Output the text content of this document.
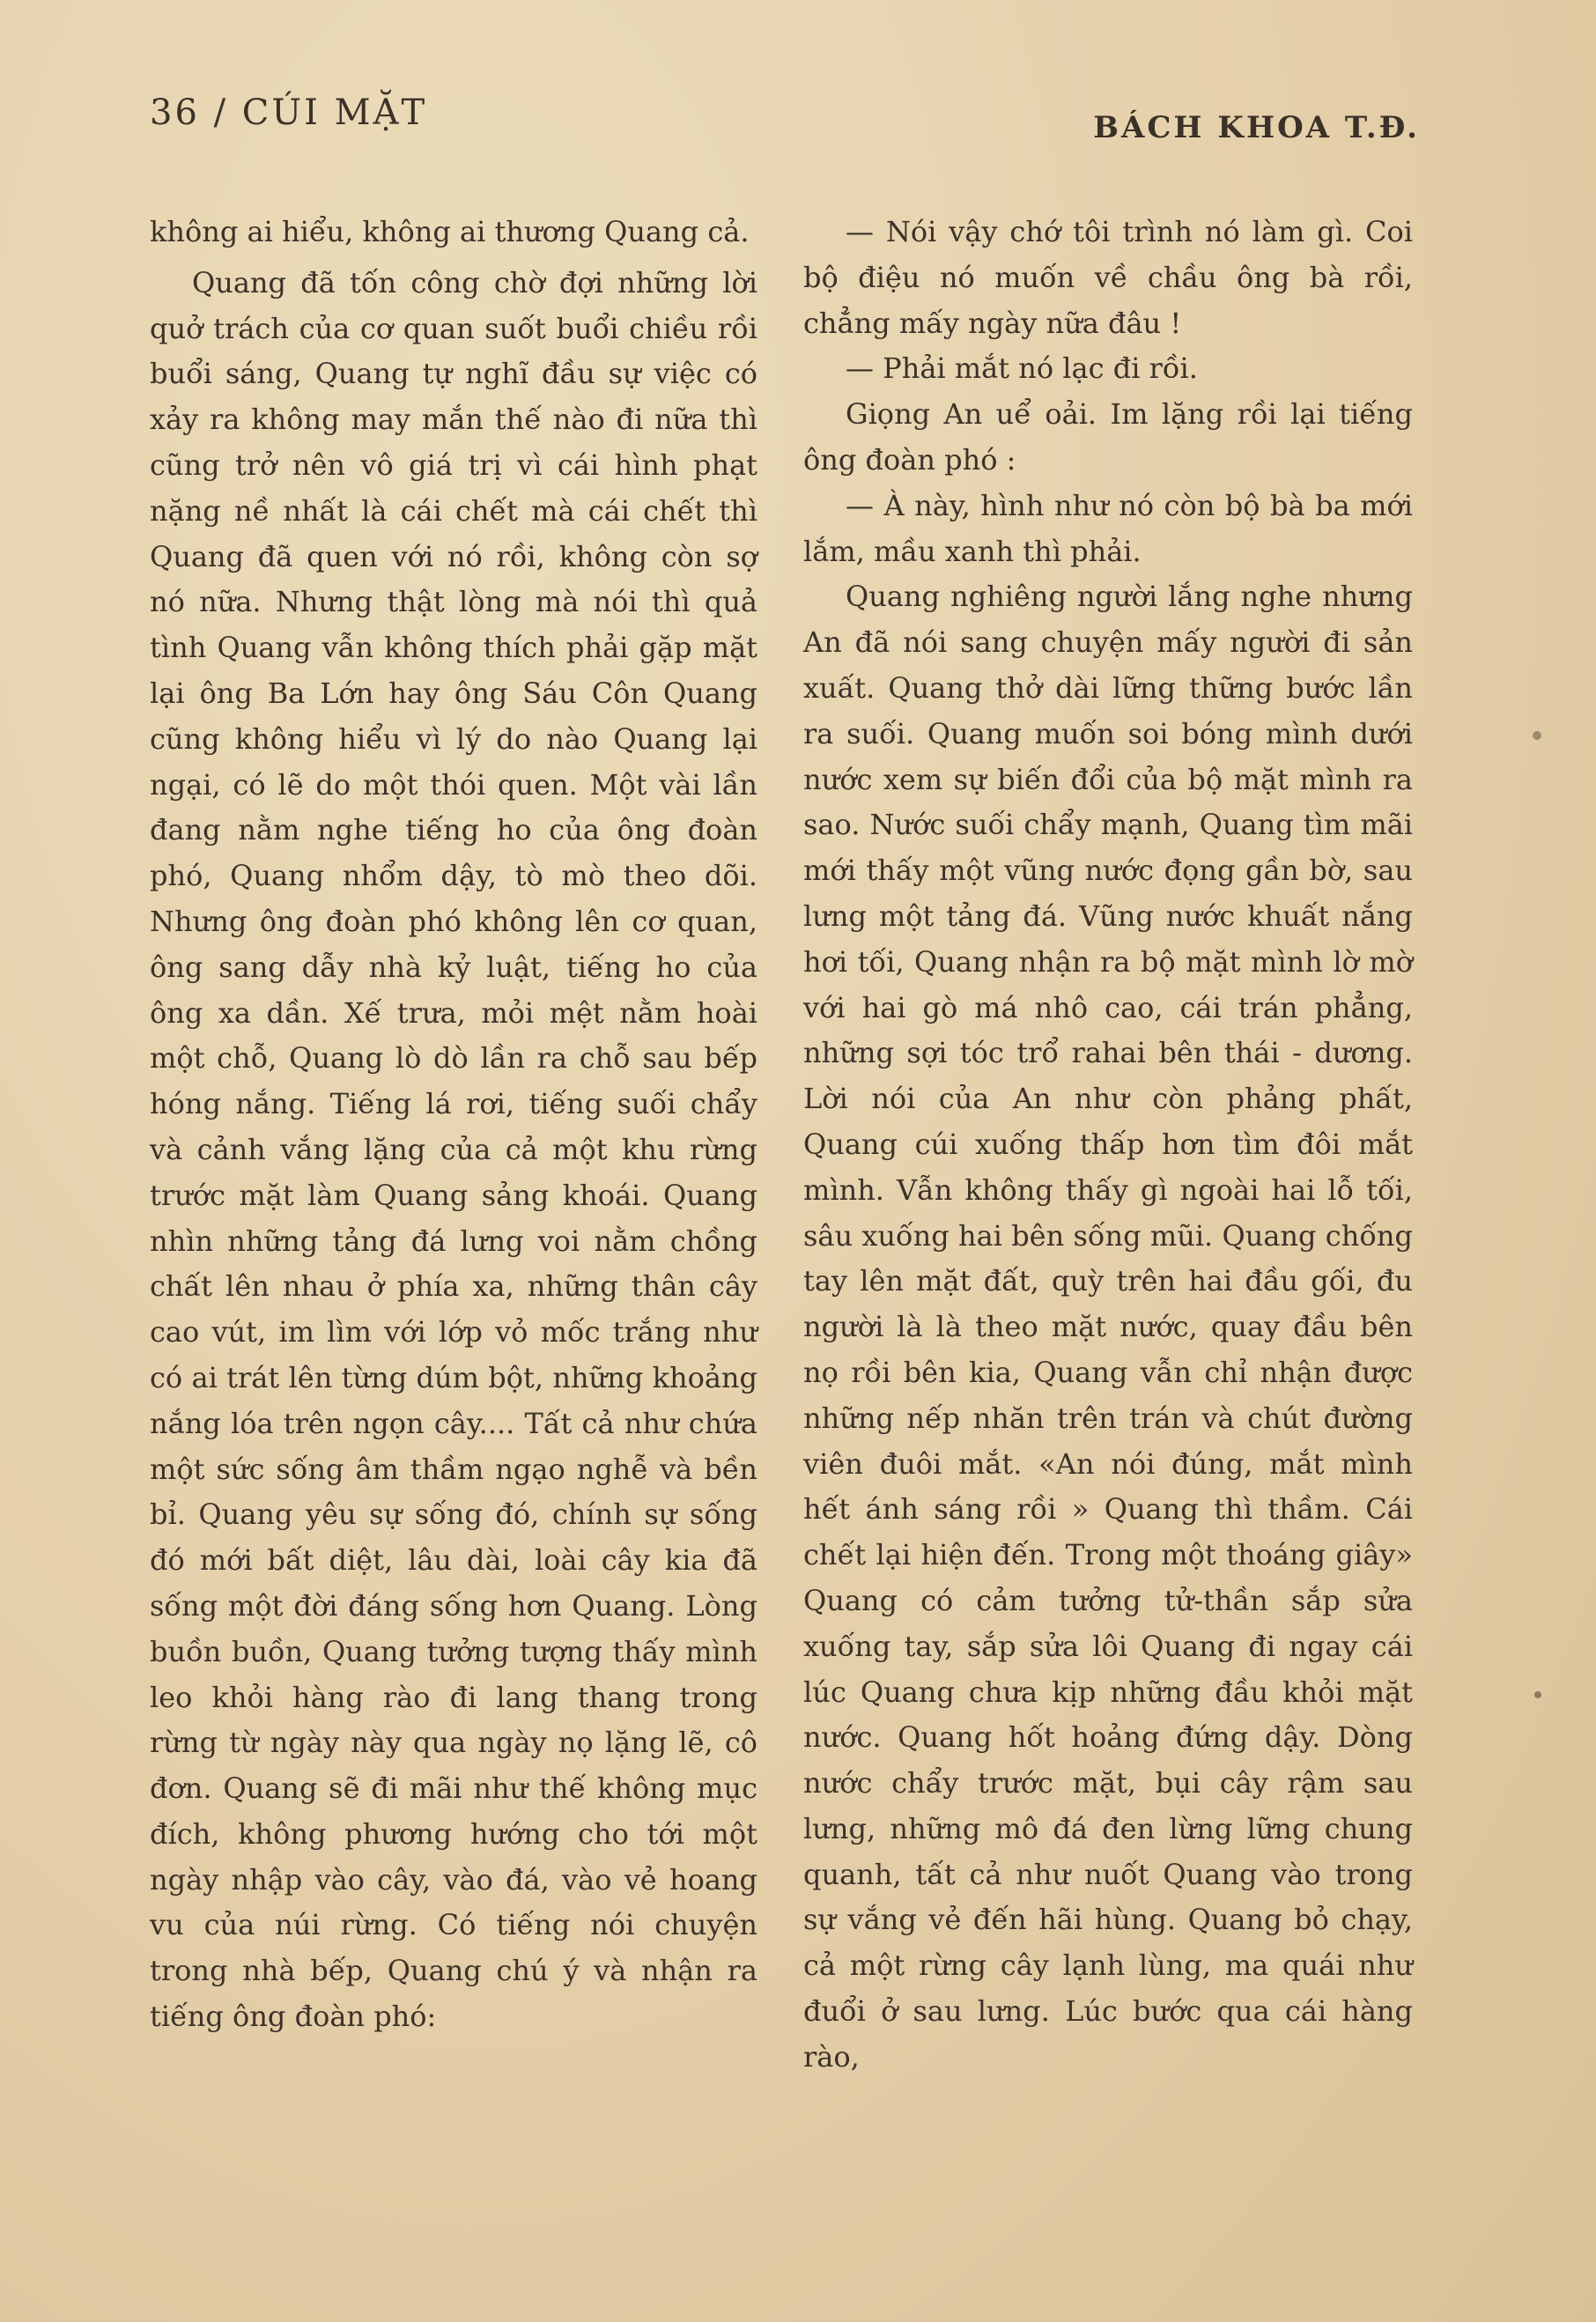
36 / CÚI MẶT	BÁCH KHOA T.Đ.

không ai hiểu, không ai thương Quang cả.

Quang đã tốn công chờ đợi những lời quở trách của cơ quan suốt buổi chiều rồi buổi sáng, Quang tự nghĩ đầu sự việc có xảy ra không may mắn thế nào đi nữa thì cũng trở nên vô giá trị vì cái hình phạt nặng nề nhất là cái chết mà cái chết thì Quang đã quen với nó rồi, không còn sợ nó nữa. Nhưng thật lòng mà nói thì quả tình Quang vẫn không thích phải gặp mặt lại ông Ba Lớn hay ông Sáu Côn Quang cũng không hiểu vì lý do nào Quang lại ngại, có lẽ do một thói quen. Một vài lần đang nằm nghe tiếng ho của ông đoàn phó, Quang nhổm dậy, tò mò theo dõi. Nhưng ông đoàn phó không lên cơ quan, ông sang dẫy nhà kỷ luật, tiếng ho của ông xa dần. Xế trưa, mỏi mệt nằm hoài một chỗ, Quang lò dò lần ra chỗ sau bếp hóng nắng. Tiếng lá rơi, tiếng suối chẩy và cảnh vắng lặng của cả một khu rừng trước mặt làm Quang sảng khoái. Quang nhìn những tảng đá lưng voi nằm chồng chất lên nhau ở phía xa, những thân cây cao vút, im lìm với lớp vỏ mốc trắng như có ai trát lên từng dúm bột, những khoảng nắng lóa trên ngọn cây.... Tất cả như chứa một sức sống âm thầm ngạo nghễ và bền bỉ. Quang yêu sự sống đó, chính sự sống đó mới bất diệt, lâu dài, loài cây kia đã sống một đời đáng sống hơn Quang. Lòng buồn buồn, Quang tưởng tượng thấy mình leo khỏi hàng rào đi lang thang trong rừng từ ngày này qua ngày nọ lặng lẽ, cô đơn. Quang sẽ đi mãi như thế không mục đích, không phương hướng cho tới một ngày nhập vào cây, vào đá, vào vẻ hoang vu của núi rừng. Có tiếng nói chuyện trong nhà bếp, Quang chú ý và nhận ra tiếng ông đoàn phó:

— Nói vậy chớ tôi trình nó làm gì. Coi bộ điệu nó muốn về chầu ông bà rồi, chẳng mấy ngày nữa đâu !

— Phải mắt nó lạc đi rồi.

Giọng An uể oải. Im lặng rồi lại tiếng ông đoàn phó :

— À này, hình như nó còn bộ bà ba mới lắm, mầu xanh thì phải.

Quang nghiêng người lắng nghe nhưng An đã nói sang chuyện mấy người đi sản xuất. Quang thở dài lững thững bước lần ra suối. Quang muốn soi bóng mình dưới nước xem sự biến đổi của bộ mặt mình ra sao. Nước suối chẩy mạnh, Quang tìm mãi mới thấy một vũng nước đọng gần bờ, sau lưng một tảng đá. Vũng nước khuất nắng hơi tối, Quang nhận ra bộ mặt mình lờ mờ với hai gò má nhô cao, cái trán phẳng, những sợi tóc trổ rahai bên thái - dương. Lời nói của An như còn phảng phất, Quang cúi xuống thấp hơn tìm đôi mắt mình. Vẫn không thấy gì ngoài hai lỗ tối, sâu xuống hai bên sống mũi. Quang chống tay lên mặt đất, quỳ trên hai đầu gối, đu người là là theo mặt nước, quay đầu bên nọ rồi bên kia, Quang vẫn chỉ nhận được những nếp nhăn trên trán và chút đường viên đuôi mắt. «An nói đúng, mắt mình hết ánh sáng rồi » Quang thì thầm. Cái chết lại hiện đến. Trong một thoáng giây» Quang có cảm tưởng tử-thần sắp sửa xuống tay, sắp sửa lôi Quang đi ngay cái lúc Quang chưa kịp những đầu khỏi mặt nước. Quang hốt hoảng đứng dậy. Dòng nước chẩy trước mặt, bụi cây rậm sau lưng, những mô đá đen lừng lững chung quanh, tất cả như nuốt Quang vào trong sự vắng vẻ đến hãi hùng. Quang bỏ chạy, cả một rừng cây lạnh lùng, ma quái như đuổi ở sau lưng. Lúc bước qua cái hàng rào,
